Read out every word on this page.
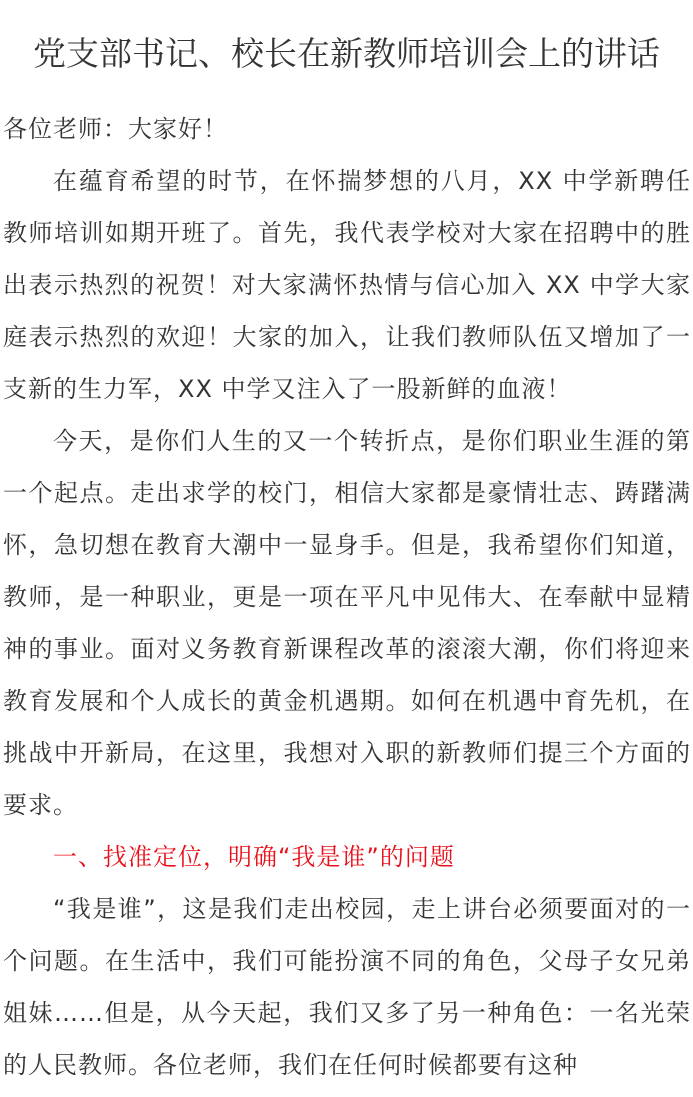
党支部书记、校长在新教师培训会上的讲话

各位老师：大家好！

在蕴育希望的时节，在怀揣梦想的八月，XX 中学新聘任教师培训如期开班了。首先，我代表学校对大家在招聘中的胜出表示热烈的祝贺！对大家满怀热情与信心加入 XX 中学大家庭表示热烈的欢迎！大家的加入，让我们教师队伍又增加了一支新的生力军，XX 中学又注入了一股新鲜的血液！

今天，是你们人生的又一个转折点，是你们职业生涯的第一个起点。走出求学的校门，相信大家都是豪情壮志、踌躇满怀，急切想在教育大潮中一显身手。但是，我希望你们知道，教师，是一种职业，更是一项在平凡中见伟大、在奉献中显精神的事业。面对义务教育新课程改革的滚滚大潮，你们将迎来教育发展和个人成长的黄金机遇期。如何在机遇中育先机，在挑战中开新局，在这里，我想对入职的新教师们提三个方面的要求。

一、找准定位，明确“我是谁”的问题

“我是谁”，这是我们走出校园，走上讲台必须要面对的一个问题。在生活中，我们可能扮演不同的角色，父母子女兄弟姐妹……但是，从今天起，我们又多了另一种角色：一名光荣的人民教师。各位老师，我们在任何时候都要有这种
